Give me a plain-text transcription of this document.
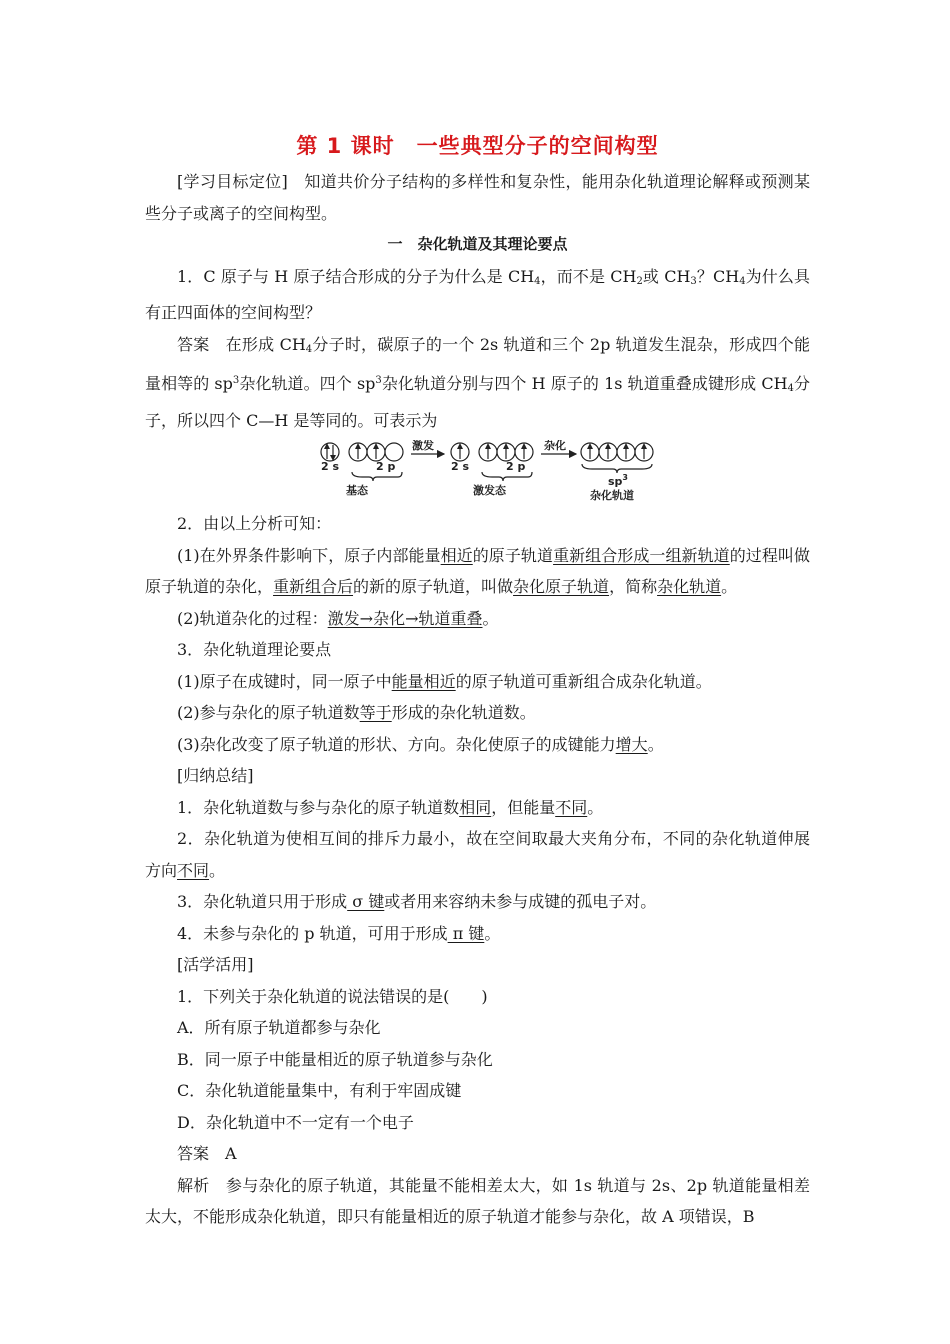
第 1 课时　一些典型分子的空间构型

[学习目标定位]　知道共价分子结构的多样性和复杂性，能用杂化轨道理论解释或预测某些分子或离子的空间构型。

一　杂化轨道及其理论要点

1．C 原子与 H 原子结合形成的分子为什么是 $CH_4$，而不是 $CH_2$或 $CH_3$？$CH_4$为什么具有正四面体的空间构型？

答案　在形成 $CH_4$分子时，碳原子的一个 2s 轨道和三个 2p 轨道发生混杂，形成四个能量相等的 $sp^3$杂化轨道。四个 $sp^3$杂化轨道分别与四个 H 原子的 1s 轨道重叠成键形成 $CH_4$分子，所以四个 C—H 是等同的。可表示为

2 s	2 p
基态
激发
2 s	2 p
激发态
杂化
$sp^3$
杂化轨道

2．由以上分析可知：

(1)在外界条件影响下，原子内部能量相近的原子轨道重新组合形成一组新轨道的过程叫做原子轨道的杂化，重新组合后的新的原子轨道，叫做杂化原子轨道，简称杂化轨道。

(2)轨道杂化的过程：激发→杂化→轨道重叠。

3．杂化轨道理论要点

(1)原子在成键时，同一原子中能量相近的原子轨道可重新组合成杂化轨道。

(2)参与杂化的原子轨道数等于形成的杂化轨道数。

(3)杂化改变了原子轨道的形状、方向。杂化使原子的成键能力增大。

[归纳总结]

1．杂化轨道数与参与杂化的原子轨道数相同，但能量不同。

2．杂化轨道为使相互间的排斥力最小，故在空间取最大夹角分布，不同的杂化轨道伸展方向不同。

3．杂化轨道只用于形成 σ 键或者用来容纳未参与成键的孤电子对。

4．未参与杂化的 p 轨道，可用于形成 π 键。

[活学活用]

1．下列关于杂化轨道的说法错误的是(　　)

A．所有原子轨道都参与杂化

B．同一原子中能量相近的原子轨道参与杂化

C．杂化轨道能量集中，有利于牢固成键

D．杂化轨道中不一定有一个电子

答案　A

解析　参与杂化的原子轨道，其能量不能相差太大，如 1s 轨道与 2s、2p 轨道能量相差太大，不能形成杂化轨道，即只有能量相近的原子轨道才能参与杂化，故 A 项错误，B
